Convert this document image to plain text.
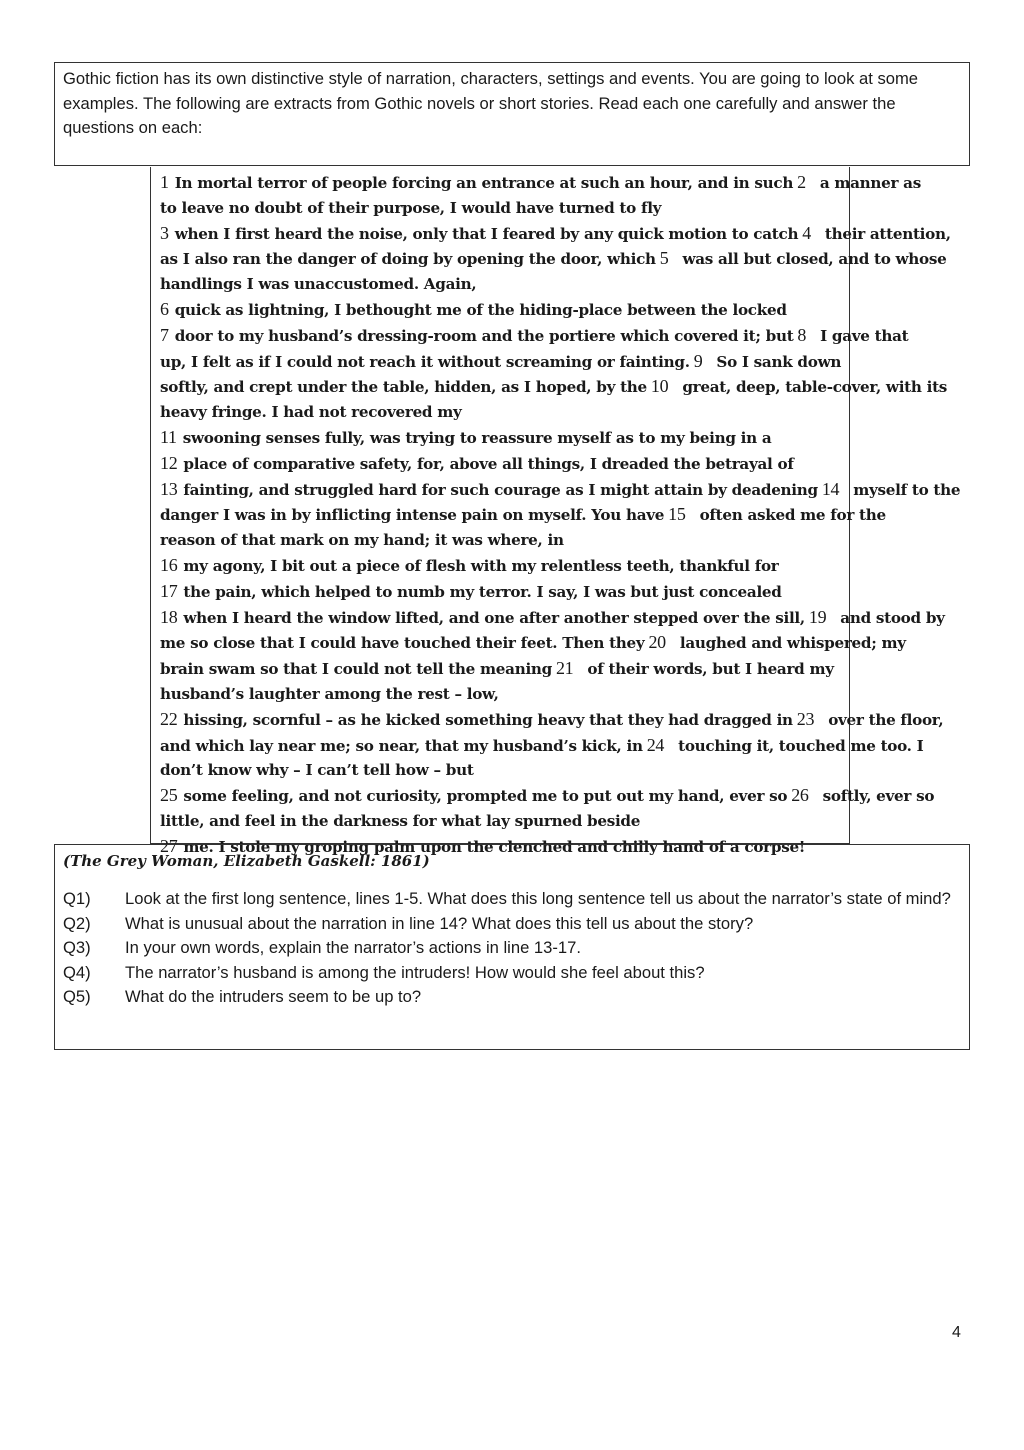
Gothic fiction has its own distinctive style of narration, characters, settings and events. You are going to look at some examples. The following are extracts from Gothic novels or short stories. Read each one carefully and answer the questions on each:
1 In mortal terror of people forcing an entrance at such an hour, and in such 2 a manner as
to leave no doubt of their purpose, I would have turned to fly
3 when I first heard the noise, only that I feared by any quick motion to catch 4 their attention,
as I also ran the danger of doing by opening the door, which 5 was all but closed, and to whose
handlings I was unaccustomed. Again,
6 quick as lightning, I bethought me of the hiding-place between the locked
7 door to my husband’s dressing-room and the portiere which covered it; but 8 I gave that
up, I felt as if I could not reach it without screaming or fainting. 9 So I sank down
softly, and crept under the table, hidden, as I hoped, by the 10 great, deep, table-cover, with its
heavy fringe. I had not recovered my
11 swooning senses fully, was trying to reassure myself as to my being in a
12 place of comparative safety, for, above all things, I dreaded the betrayal of
13 fainting, and struggled hard for such courage as I might attain by deadening 14 myself to the
danger I was in by inflicting intense pain on myself. You have 15 often asked me for the
reason of that mark on my hand; it was where, in
16 my agony, I bit out a piece of flesh with my relentless teeth, thankful for
17 the pain, which helped to numb my terror. I say, I was but just concealed
18 when I heard the window lifted, and one after another stepped over the sill, 19 and stood by
me so close that I could have touched their feet. Then they 20 laughed and whispered; my
brain swam so that I could not tell the meaning 21 of their words, but I heard my
husband’s laughter among the rest – low,
22 hissing, scornful – as he kicked something heavy that they had dragged in 23 over the floor,
and which lay near me; so near, that my husband’s kick, in 24 touching it, touched me too. I
don’t know why – I can’t tell how – but
25 some feeling, and not curiosity, prompted me to put out my hand, ever so 26 softly, ever so
little, and feel in the darkness for what lay spurned beside
27 me. I stole my groping palm upon the clenched and chilly hand of a corpse!
(The Grey Woman, Elizabeth Gaskell: 1861)
Q1)	Look at the first long sentence, lines 1-5. What does this long sentence tell us about the narrator’s state of mind?
Q2)	What is unusual about the narration in line 14? What does this tell us about the story?
Q3)	In your own words, explain the narrator’s actions in line 13-17.
Q4)	The narrator’s husband is among the intruders! How would she feel about this?
Q5)	What do the intruders seem to be up to?
4
